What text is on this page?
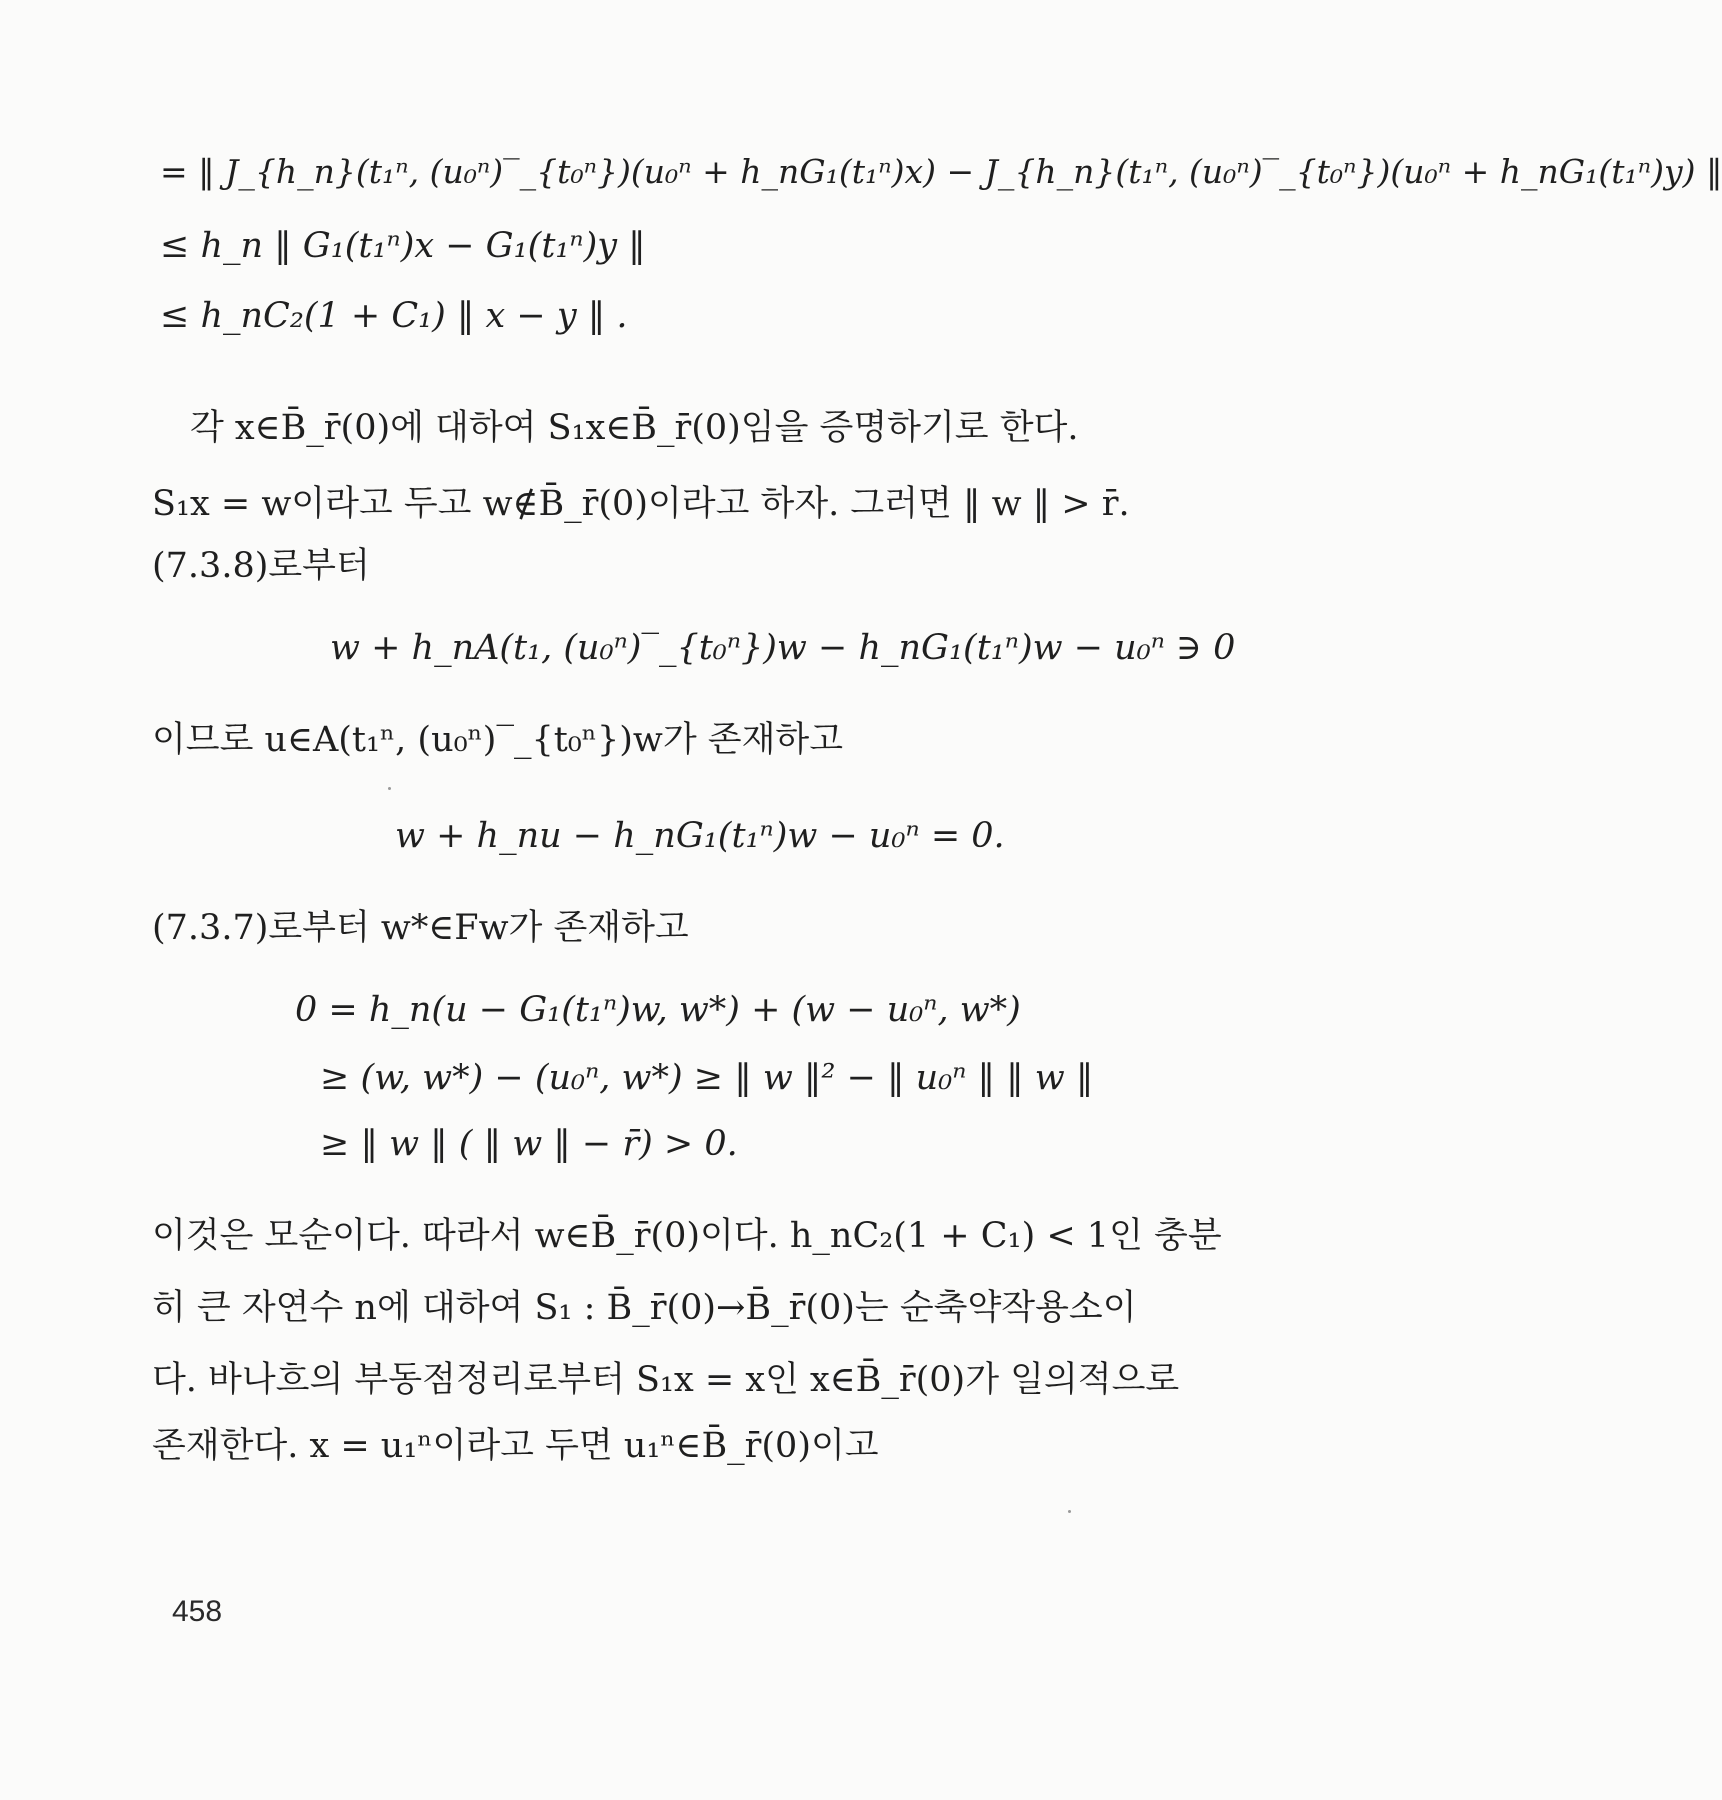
= ‖ J_{h_n}(t₁ⁿ, (u₀ⁿ)‾_{t₀ⁿ})(u₀ⁿ + h_nG₁(t₁ⁿ)x) − J_{h_n}(t₁ⁿ, (u₀ⁿ)‾_{t₀ⁿ})(u₀ⁿ + h_nG₁(t₁ⁿ)y) ‖
≤ h_n ‖ G₁(t₁ⁿ)x − G₁(t₁ⁿ)y ‖
≤ h_nC₂(1 + C₁) ‖ x − y ‖ .
각 x∈B̄_r̄(0)에 대하여 S₁x∈B̄_r̄(0)임을 증명하기로 한다.
S₁x = w이라고 두고 w∉B̄_r̄(0)이라고 하자. 그러면 ‖ w ‖ > r̄.
(7.3.8)로부터
w + h_nA(t₁, (u₀ⁿ)‾_{t₀ⁿ})w − h_nG₁(t₁ⁿ)w − u₀ⁿ ∋ 0
이므로 u∈A(t₁ⁿ, (u₀ⁿ)‾_{t₀ⁿ})w가 존재하고
w + h_nu − h_nG₁(t₁ⁿ)w − u₀ⁿ = 0.
(7.3.7)로부터 w*∈Fw가 존재하고
0 = h_n(u − G₁(t₁ⁿ)w, w*) + (w − u₀ⁿ, w*)
≥ (w, w*) − (u₀ⁿ, w*) ≥ ‖ w ‖² − ‖ u₀ⁿ ‖ ‖ w ‖
≥ ‖ w ‖ ( ‖ w ‖ − r̄) > 0.
이것은 모순이다. 따라서 w∈B̄_r̄(0)이다. h_nC₂(1 + C₁) < 1인 충분
히 큰 자연수 n에 대하여 S₁ : B̄_r̄(0)→B̄_r̄(0)는 순축약작용소이
다. 바나흐의 부동점정리로부터 S₁x = x인 x∈B̄_r̄(0)가 일의적으로
존재한다. x = u₁ⁿ이라고 두면 u₁ⁿ∈B̄_r̄(0)이고
458
